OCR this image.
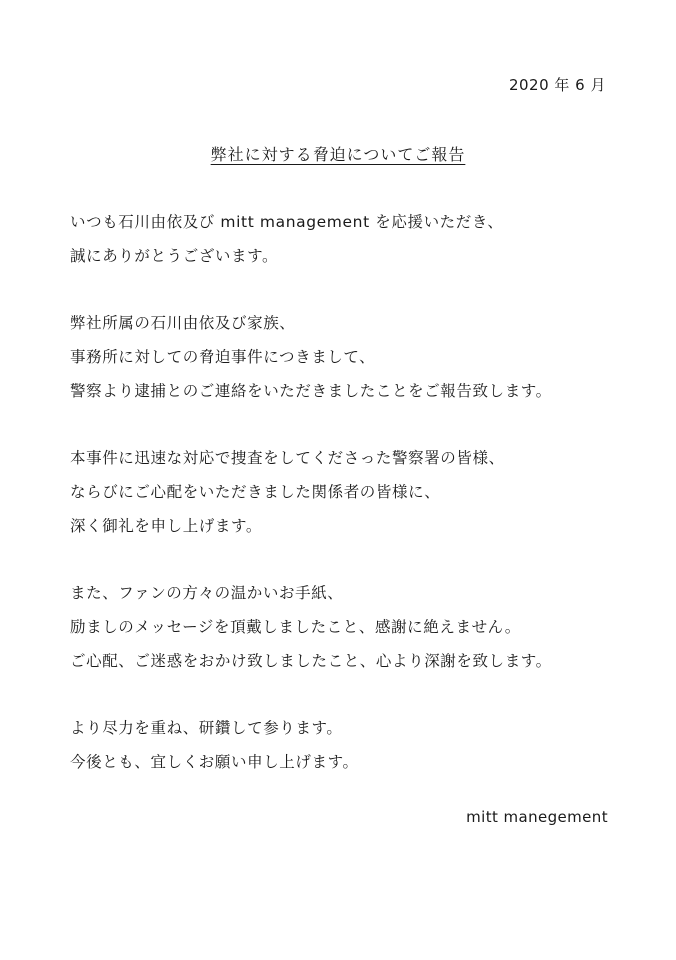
2020 年 6 月
弊社に対する脅迫についてご報告

いつも石川由依及び mitt management を応援いただき、
誠にありがとうございます。

弊社所属の石川由依及び家族、
事務所に対しての脅迫事件につきまして、
警察より逮捕とのご連絡をいただきましたことをご報告致します。

本事件に迅速な対応で捜査をしてくださった警察署の皆様、
ならびにご心配をいただきました関係者の皆様に、
深く御礼を申し上げます。

また、ファンの方々の温かいお手紙、
励ましのメッセージを頂戴しましたこと、感謝に絶えません。
ご心配、ご迷惑をおかけ致しましたこと、心より深謝を致します。

より尽力を重ね、研鑽して参ります。
今後とも、宜しくお願い申し上げます。

mitt manegement
